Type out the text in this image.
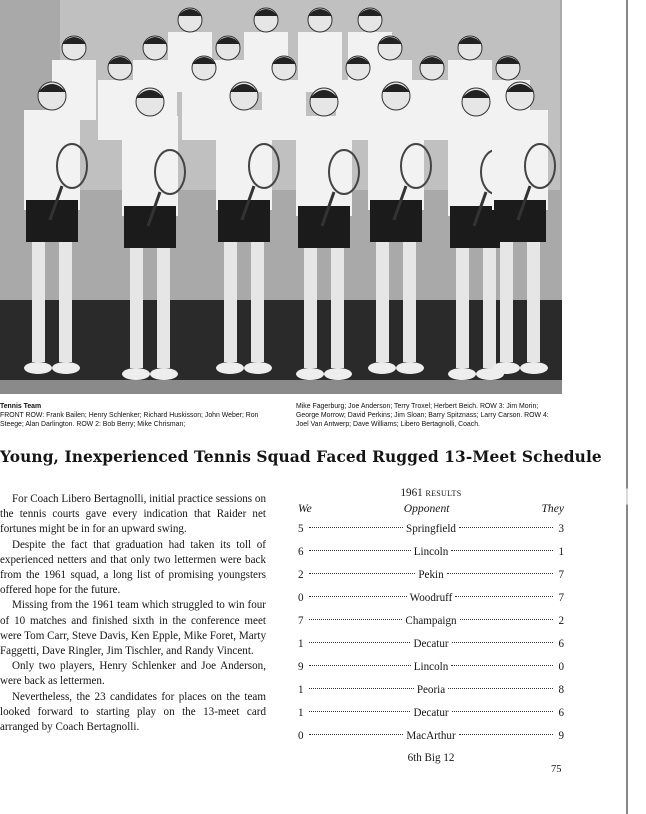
Tennis Team
FRONT ROW: Frank Bailen; Henry Schlenker; Richard Huskisson; John Weber; Ron Steege; Alan Darlington. ROW 2: Bob Berry; Mike Chrisman;
Mike Fagerburg; Joe Anderson; Terry Troxel; Herbert Beich. ROW 3: Jim Morin; George Morrow; David Perkins; Jim Sloan; Barry Spitznass; Larry Carson. ROW 4: Joel Van Antwerp; Dave Williams; Libero Bertagnolli, Coach.
Young, Inexperienced Tennis Squad Faced Rugged 13-Meet Schedule

For Coach Libero Bertagnolli, initial practice sessions on the tennis courts gave every indication that Raider net fortunes might be in for an upward swing.

Despite the fact that graduation had taken its toll of experienced netters and that only two lettermen were back from the 1961 squad, a long list of promising youngsters offered hope for the future.

Missing from the 1961 team which struggled to win four of 10 matches and finished sixth in the conference meet were Tom Carr, Steve Davis, Ken Epple, Mike Foret, Marty Faggetti, Dave Ringler, Jim Tischler, and Randy Vincent.

Only two players, Henry Schlenker and Joe Anderson, were back as lettermen.

Nevertheless, the 23 candidates for places on the team looked forward to starting play on the 13-meet card arranged by Coach Bertagnolli.

1961 RESULTS
We	Opponent	They
5	Springfield	3
6	Lincoln	1
2	Pekin	7
0	Woodruff	7
7	Champaign	2
1	Decatur	6
9	Lincoln	0
1	Peoria	8
1	Decatur	6
0	MacArthur	9
6th Big 12
75
